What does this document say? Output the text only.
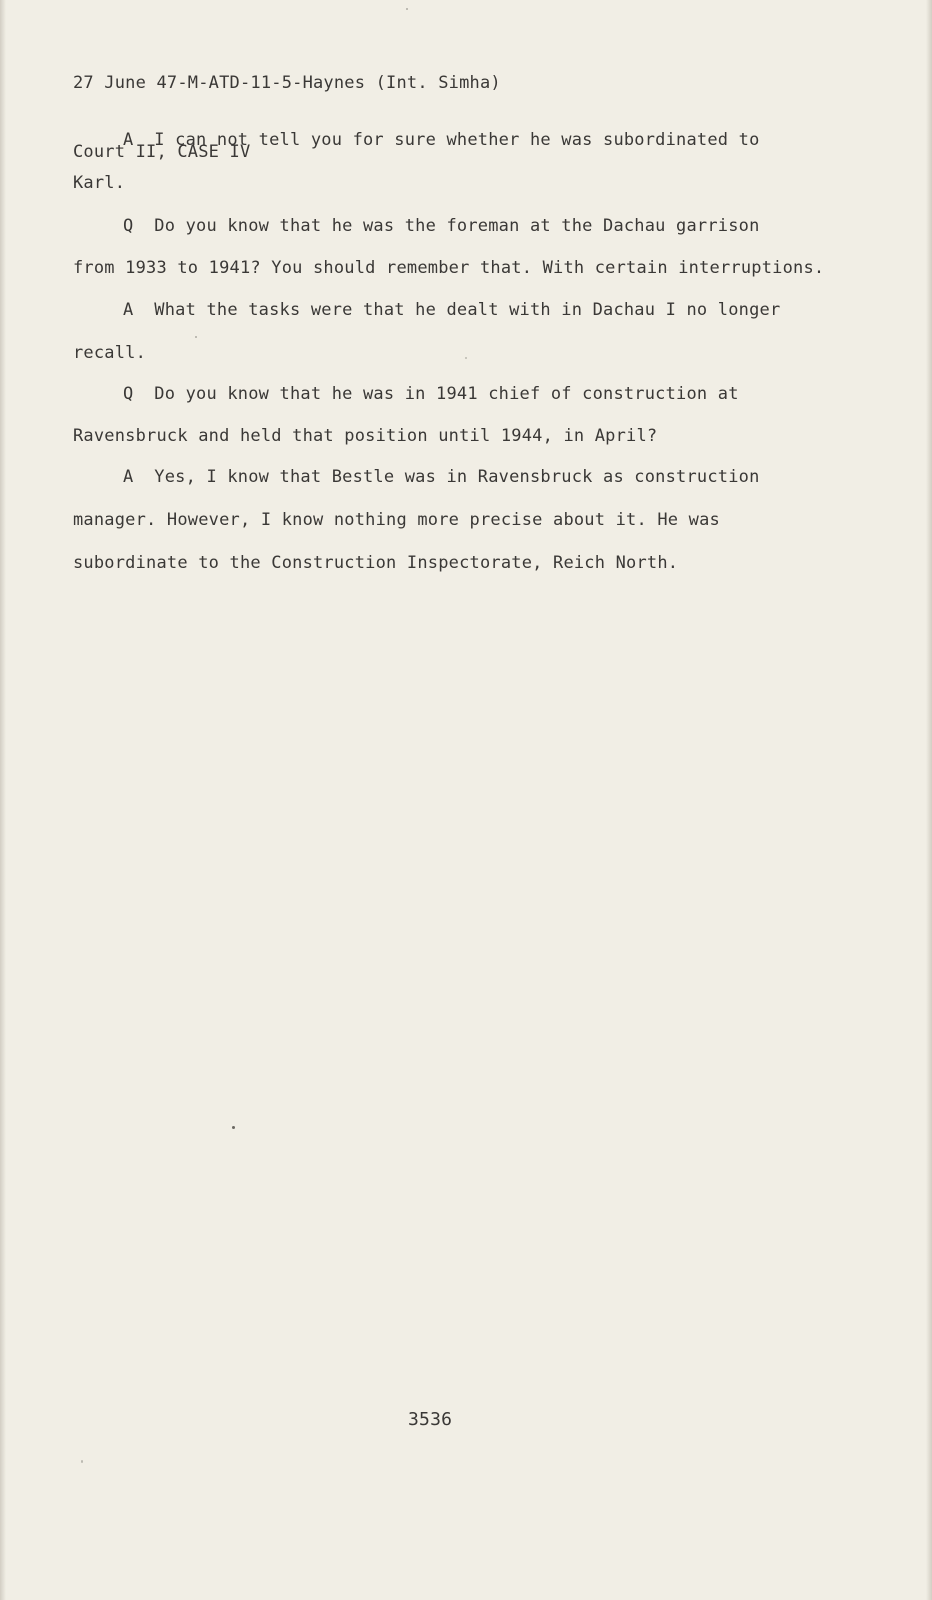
27 June 47-M-ATD-11-5-Haynes (Int. Simha)

Court II, CASE IV

A  I can not tell you for sure whether he was subordinated to
Karl.
Q  Do you know that he was the foreman at the Dachau garrison
from 1933 to 1941? You should remember that. With certain interruptions.
A  What the tasks were that he dealt with in Dachau I no longer
recall.
Q  Do you know that he was in 1941 chief of construction at
Ravensbruck and held that position until 1944, in April?
A  Yes, I know that Bestle was in Ravensbruck as construction
manager. However, I know nothing more precise about it. He was
subordinate to the Construction Inspectorate, Reich North.
3536
